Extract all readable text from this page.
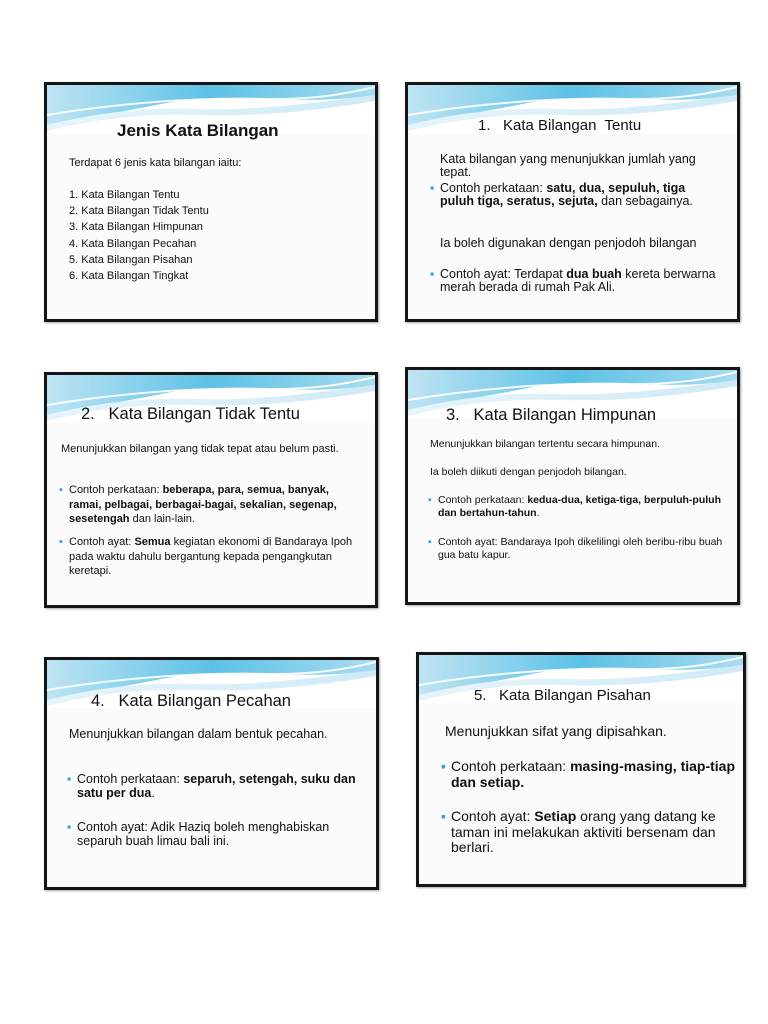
Jenis Kata Bilangan
Terdapat 6 jenis kata bilangan iaitu:
1. Kata Bilangan Tentu
2. Kata Bilangan Tidak Tentu
3. Kata Bilangan Himpunan
4. Kata Bilangan Pecahan
5. Kata Bilangan Pisahan
6. Kata Bilangan Tingkat
1.   Kata Bilangan  Tentu

Kata bilangan yang menunjukkan jumlah yang tepat.

▪ Contoh perkataan: satu, dua, sepuluh, tiga puluh tiga, seratus, sejuta, dan sebagainya.

Ia boleh digunakan dengan penjodoh bilangan

▪ Contoh ayat: Terdapat dua buah kereta berwarna merah berada di rumah Pak Ali.

2.   Kata Bilangan Tidak Tentu

Menunjukkan bilangan yang tidak tepat atau belum pasti.

▪ Contoh perkataan: beberapa, para, semua, banyak, ramai, pelbagai, berbagai-bagai, sekalian, segenap, sesetengah dan lain-lain.

▪ Contoh ayat: Semua kegiatan ekonomi di Bandaraya Ipoh pada waktu dahulu bergantung kepada pengangkutan keretapi.

3.   Kata Bilangan Himpunan

Menunjukkan bilangan tertentu secara himpunan.

Ia boleh diikuti dengan penjodoh bilangan.

▪ Contoh perkataan: kedua-dua, ketiga-tiga, berpuluh-puluh dan bertahun-tahun.

▪ Contoh ayat: Bandaraya Ipoh dikelilingi oleh beribu-ribu buah gua batu kapur.

4.   Kata Bilangan Pecahan

Menunjukkan bilangan dalam bentuk pecahan.

▪ Contoh perkataan: separuh, setengah, suku dan satu per dua.

▪ Contoh ayat: Adik Haziq boleh menghabiskan separuh buah limau bali ini.

5.   Kata Bilangan Pisahan

Menunjukkan sifat yang dipisahkan.

▪ Contoh perkataan: masing-masing, tiap-tiap dan setiap.

▪ Contoh ayat: Setiap orang yang datang ke taman ini melakukan aktiviti bersenam dan berlari.
